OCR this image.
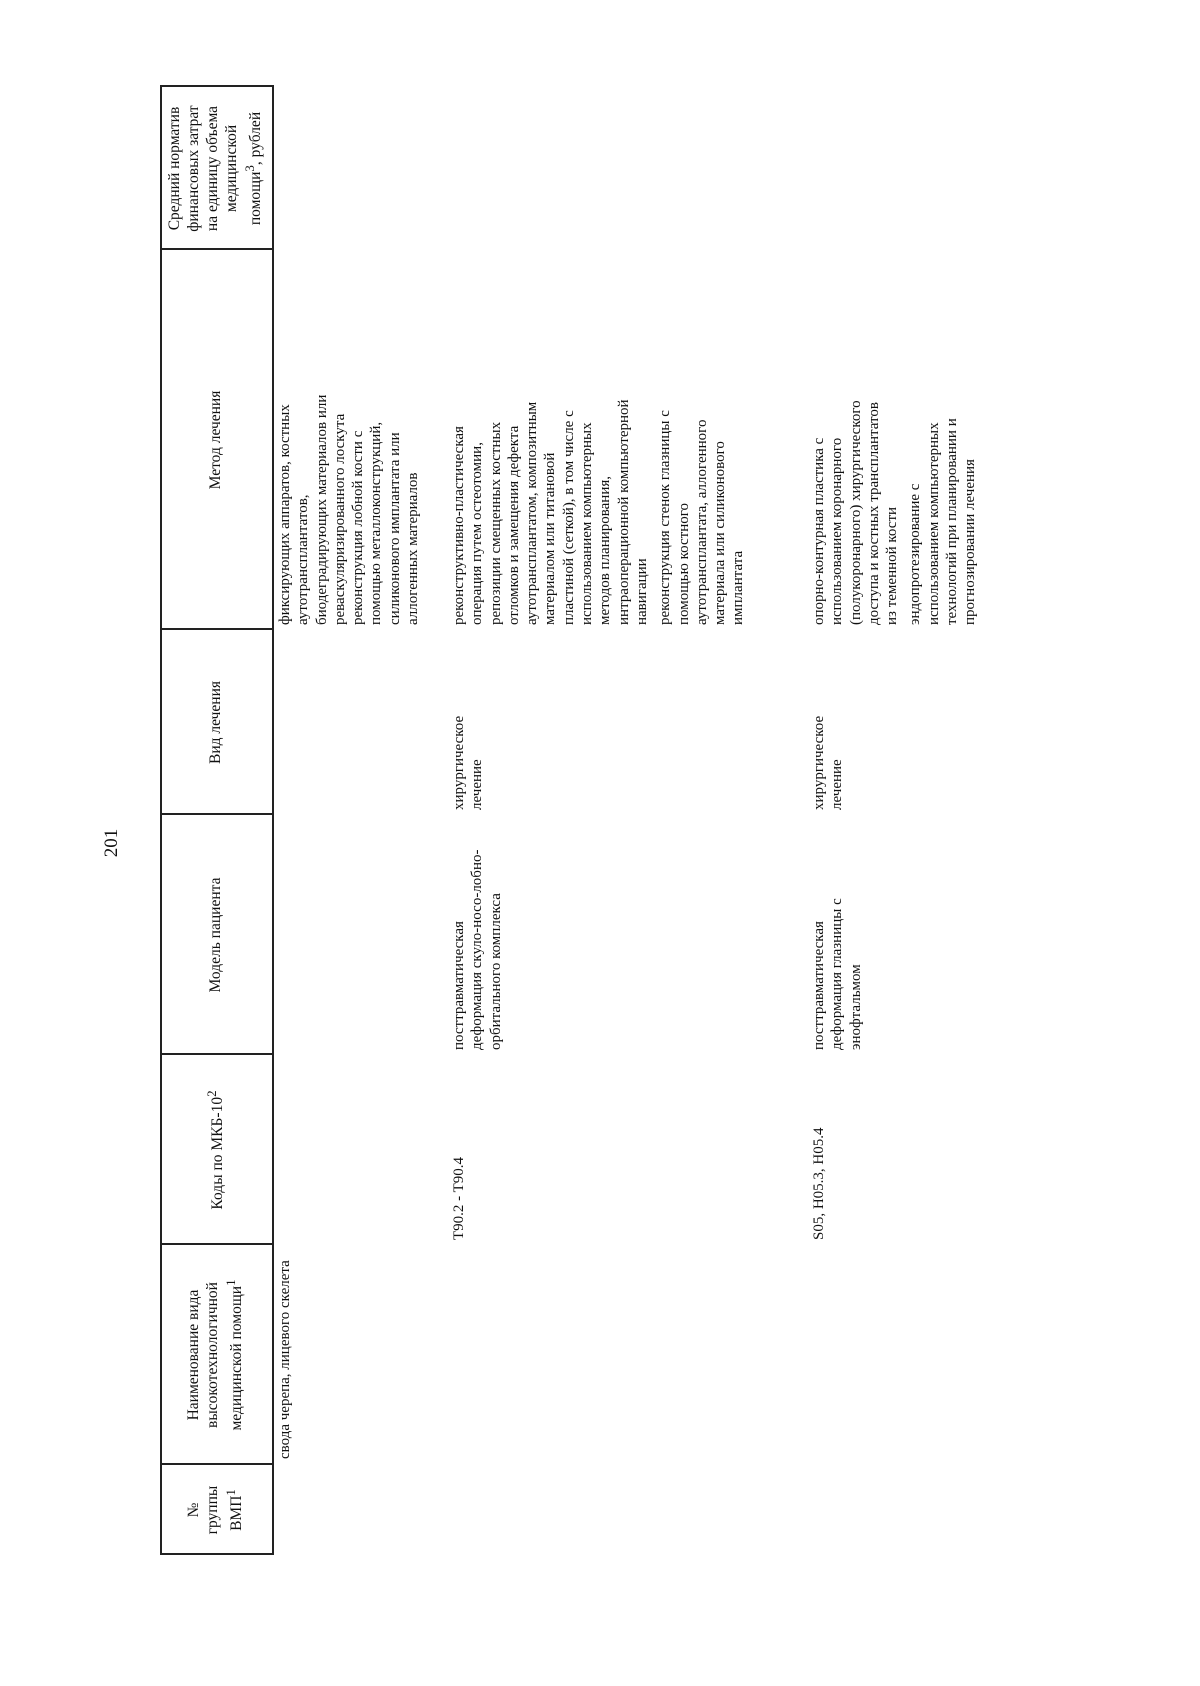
201
№ группы ВМП$^1$
Наименование вида высокотехнологичной медицинской помощи$^1$
Коды по МКБ-$10^2$
Модель пациента
Вид лечения
Метод лечения
Средний норматив финансовых затрат на единицу объема медицинской помощи$^3$, рублей
свода черепа, лицевого скелета
фиксирующих аппаратов, костных аутотрансплантатов, биодеградирующих материалов или реваскуляризированного лоскута реконструкция лобной кости с помощью металлоконструкций, силиконового имплантата или аллогенных материалов
T90.2 - T90.4
посттравматическая деформация скуло-носо-лобно- орбитального комплекса
хирургическое лечение
реконструктивно-пластическая операция путем остеотомии, репозиции смещенных костных отломков и замещения дефекта аутотрансплантатом, композитным материалом или титановой пластиной (сеткой), в том числе с использованием компьютерных методов планирования, интраоперационной компьютерной навигации реконструкция стенок глазницы с помощью костного аутотрансплантата, аллогенного материала или силиконового имплантата
S05, H05.3, H05.4
посттравматическая деформация глазницы с энофтальмом
хирургическое лечение
опорно-контурная пластика с использованием коронарного (полукоронарного) хирургического доступа и костных трансплантатов из теменной кости эндопротезирование с использованием компьютерных технологий при планировании и прогнозировании лечения
